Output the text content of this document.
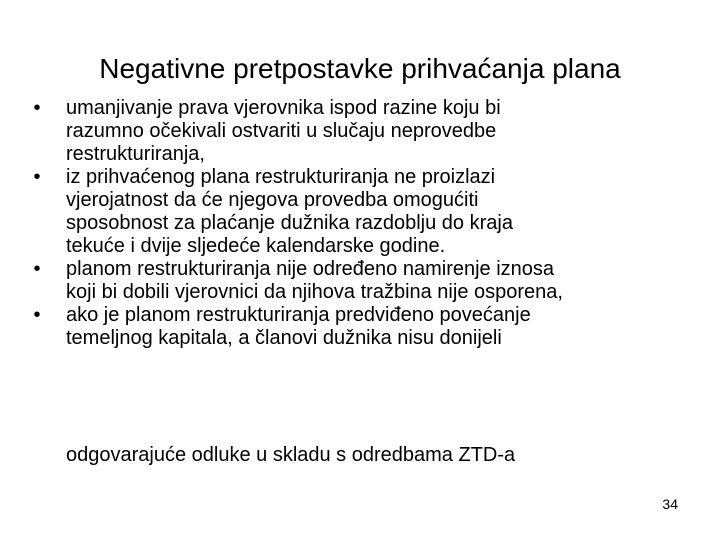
Negativne pretpostavke prihvaćanja plana
• umanjivanje prava vjerovnika ispod razine koju bi
razumno očekivali ostvariti u slučaju neprovedbe
restrukturiranja,
• iz prihvaćenog plana restrukturiranja ne proizlazi
vjerojatnost da će njegova provedba omogućiti
sposobnost za plaćanje dužnika razdoblju do kraja
tekuće i dvije sljedeće kalendarske godine.
• planom restrukturiranja nije određeno namirenje iznosa
koji bi dobili vjerovnici da njihova tražbina nije osporena,
• ako je planom restrukturiranja predviđeno povećanje
temeljnog kapitala, a članovi dužnika nisu donijeli
odgovarajuće odluke u skladu s odredbama ZTD-a
34
